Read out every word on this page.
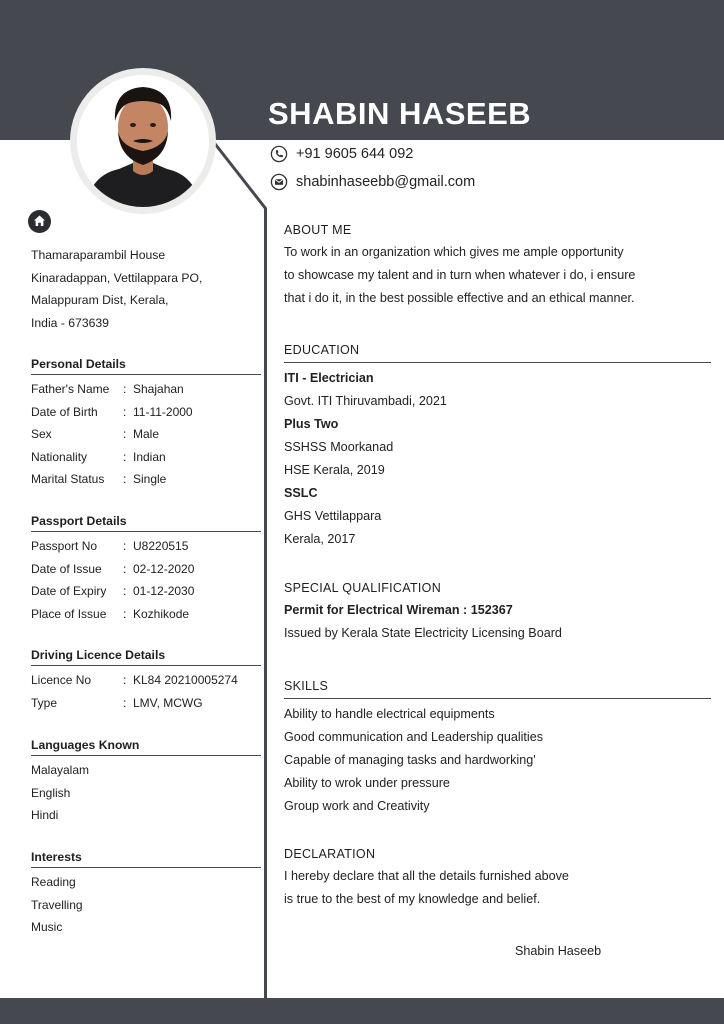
SHABIN HASEEB
+91 9605 644 092
shabinhaseebb@gmail.com
Thamaraparambil House
Kinaradappan, Vettilappara PO,
Malappuram Dist, Kerala,
India - 673639
Personal Details
Father's Name	: Shajahan
Date of Birth	: 11-11-2000
Sex	: Male
Nationality	: Indian
Marital Status	: Single
Passport Details
Passport No	: U8220515
Date of Issue	: 02-12-2020
Date of Expiry	: 01-12-2030
Place of Issue	: Kozhikode
Driving Licence Details
Licence No	: KL84 20210005274
Type	: LMV, MCWG
Languages Known
Malayalam
English
Hindi
Interests
Reading
Travelling
Music
ABOUT ME
To work in an organization which gives me ample opportunity
to showcase my talent and in turn when whatever i do, i ensure
that i do it, in the best possible effective and an ethical manner.
EDUCATION
ITI - Electrician
Govt. ITI Thiruvambadi, 2021
Plus Two
SSHSS Moorkanad
HSE Kerala, 2019
SSLC
GHS Vettilappara
Kerala, 2017
SPECIAL QUALIFICATION
Permit for Electrical Wireman : 152367
Issued by Kerala State Electricity Licensing Board
SKILLS
Ability to handle electrical equipments
Good communication and Leadership qualities
Capable of managing tasks and hardworking'
Ability to wrok under pressure
Group work and Creativity
DECLARATION
I hereby declare that all the details furnished above
is true to the best of my knowledge and belief.
Shabin Haseeb
